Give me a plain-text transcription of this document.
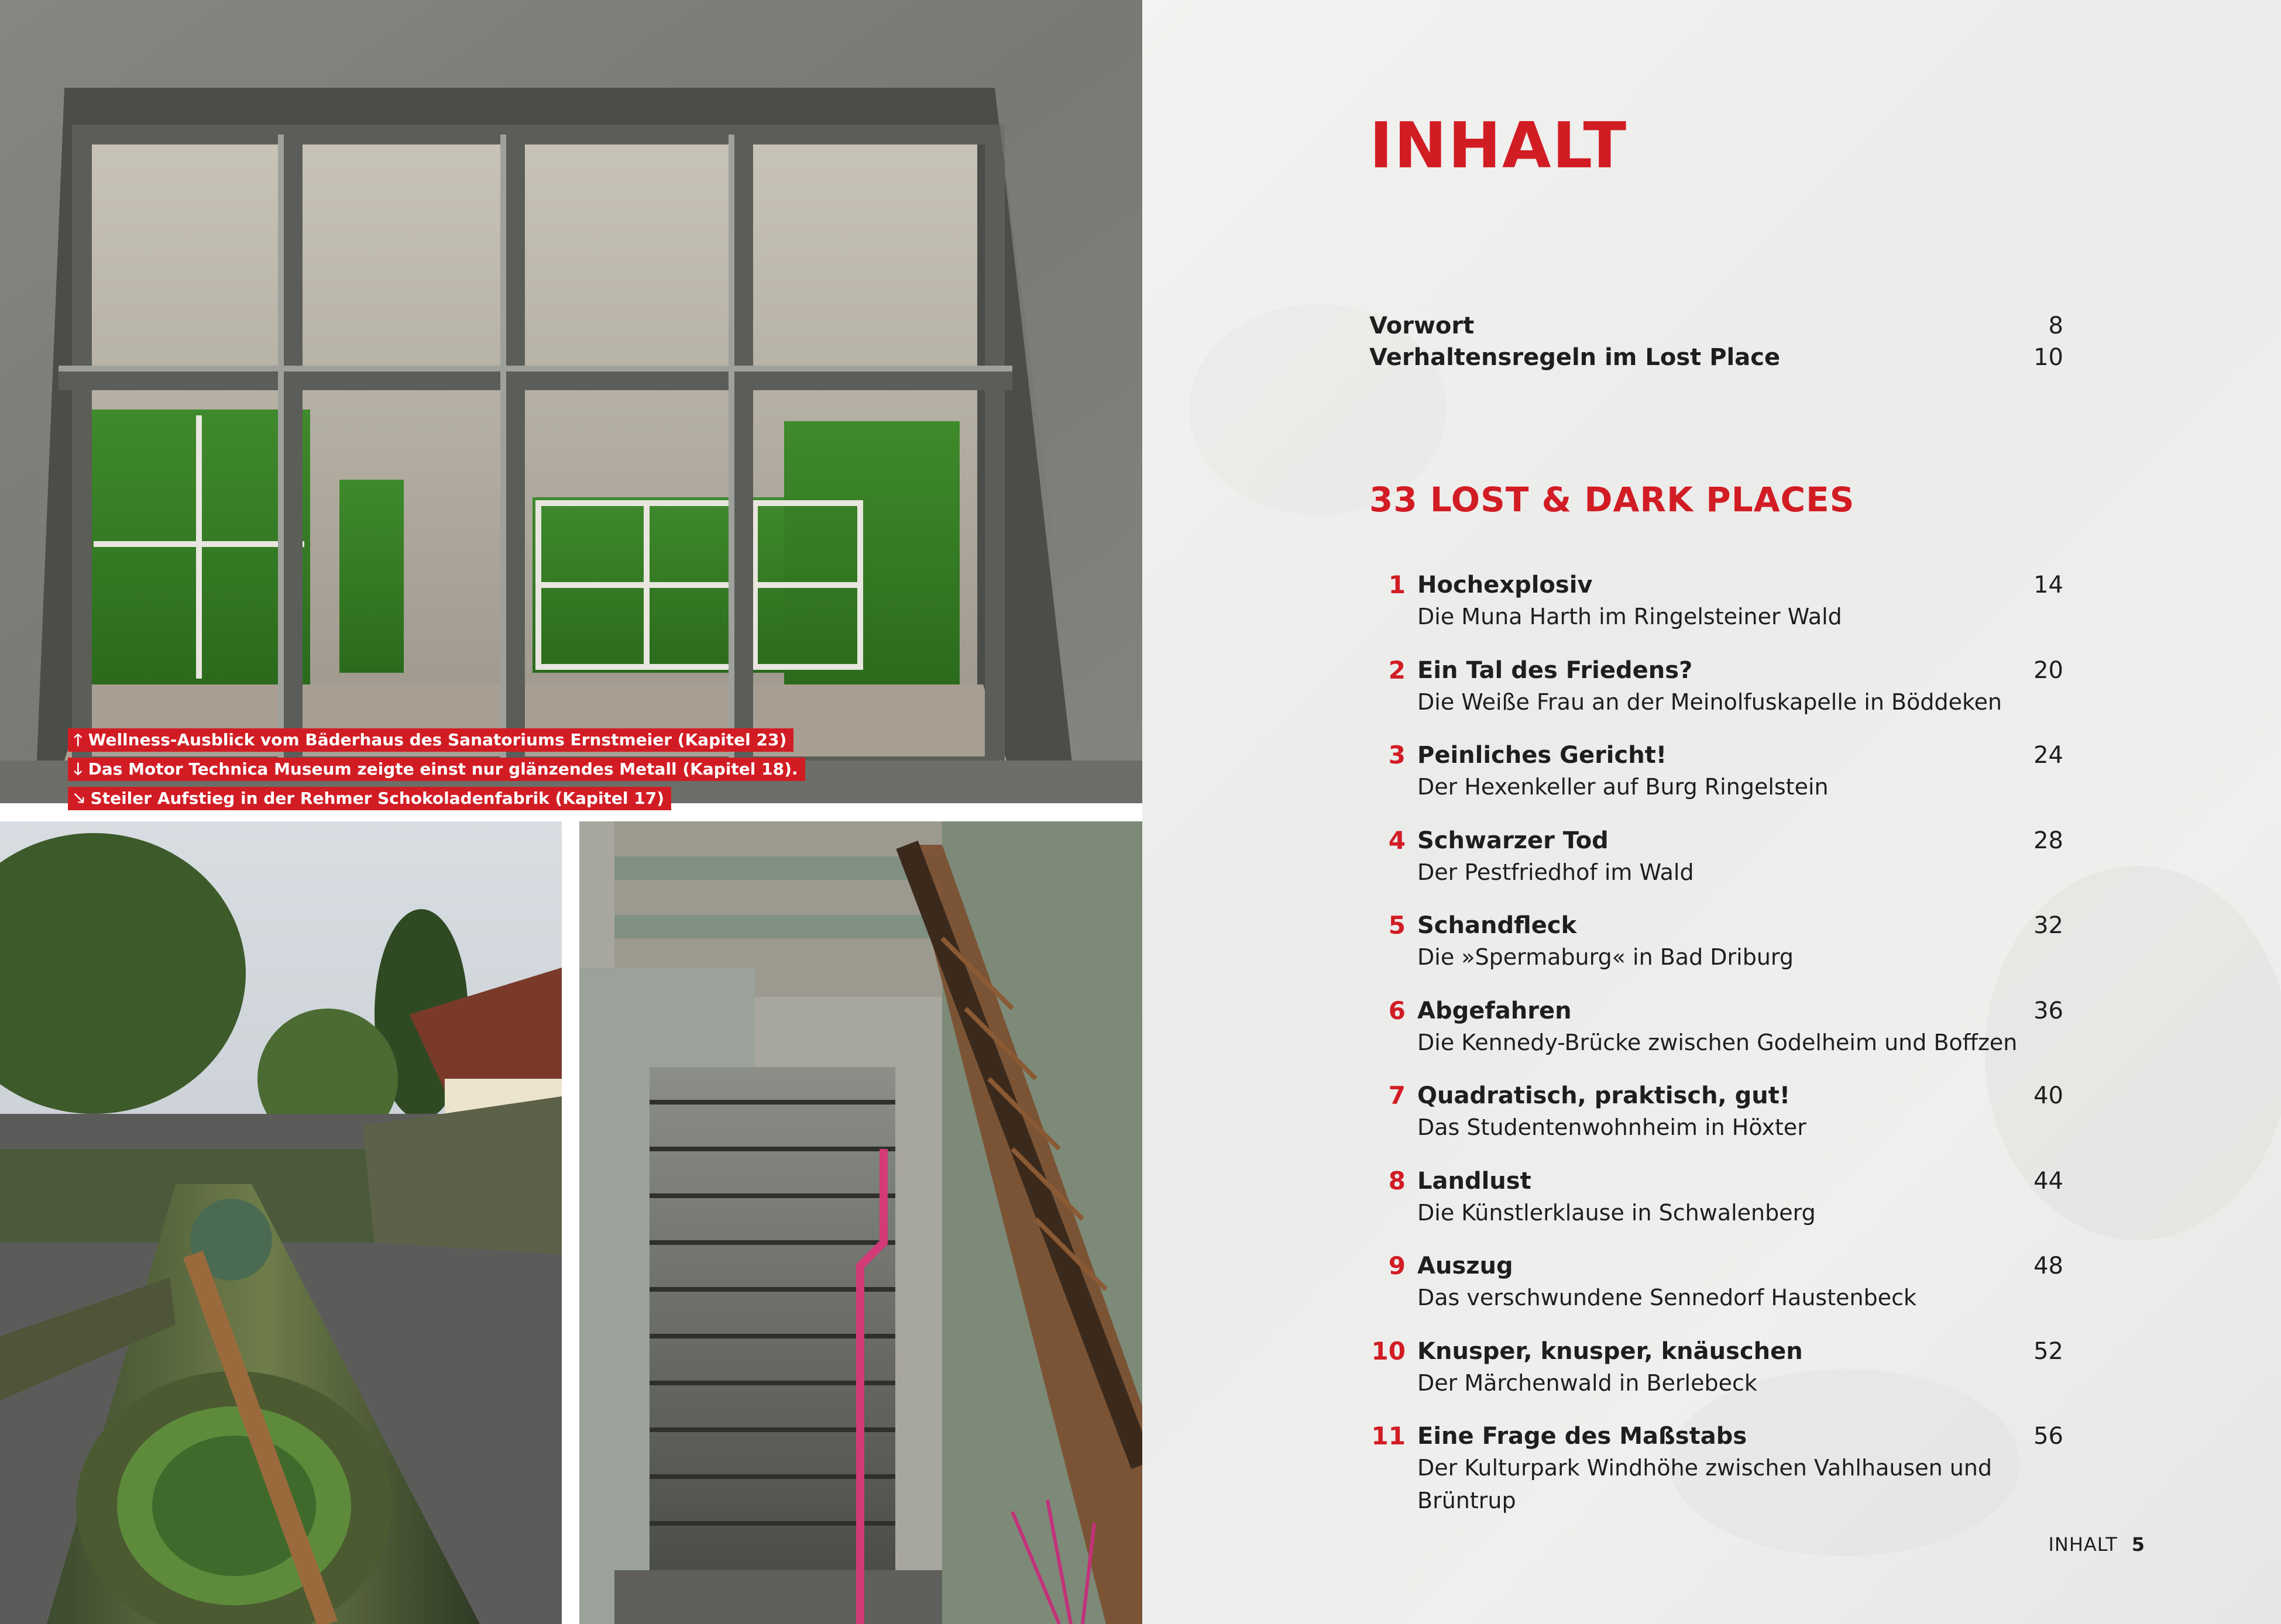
🡑 Wellness-Ausblick vom Bäderhaus des Sanatoriums Ernstmeier (Kapitel 23)
🡓 Das Motor Technica Museum zeigte einst nur glänzendes Metall (Kapitel 18).
🡖 Steiler Aufstieg in der Rehmer Schokoladenfabrik (Kapitel 17)
INHALT
Vorwort	8
Verhaltensregeln im Lost Place	10
33 LOST & DARK PLACES
1 Hochexplosiv
Die Muna Harth im Ringelsteiner Wald
14
2 Ein Tal des Friedens?
Die Weiße Frau an der Meinolfuskapelle in Böddeken
20
3 Peinliches Gericht!
Der Hexenkeller auf Burg Ringelstein
24
4 Schwarzer Tod
Der Pestfriedhof im Wald
28
5 Schandfleck
Die »Spermaburg« in Bad Driburg
32
6 Abgefahren
Die Kennedy-Brücke zwischen Godelheim und Boffzen
36
7 Quadratisch, praktisch, gut!
Das Studentenwohnheim in Höxter
40
8 Landlust
Die Künstlerklause in Schwalenberg
44
9 Auszug
Das verschwundene Sennedorf Haustenbeck
48
10 Knusper, knusper, knäuschen
Der Märchenwald in Berlebeck
52
11 Eine Frage des Maßstabs
Der Kulturpark Windhöhe zwischen Vahlhausen und Brüntrup
56
INHALT 5
